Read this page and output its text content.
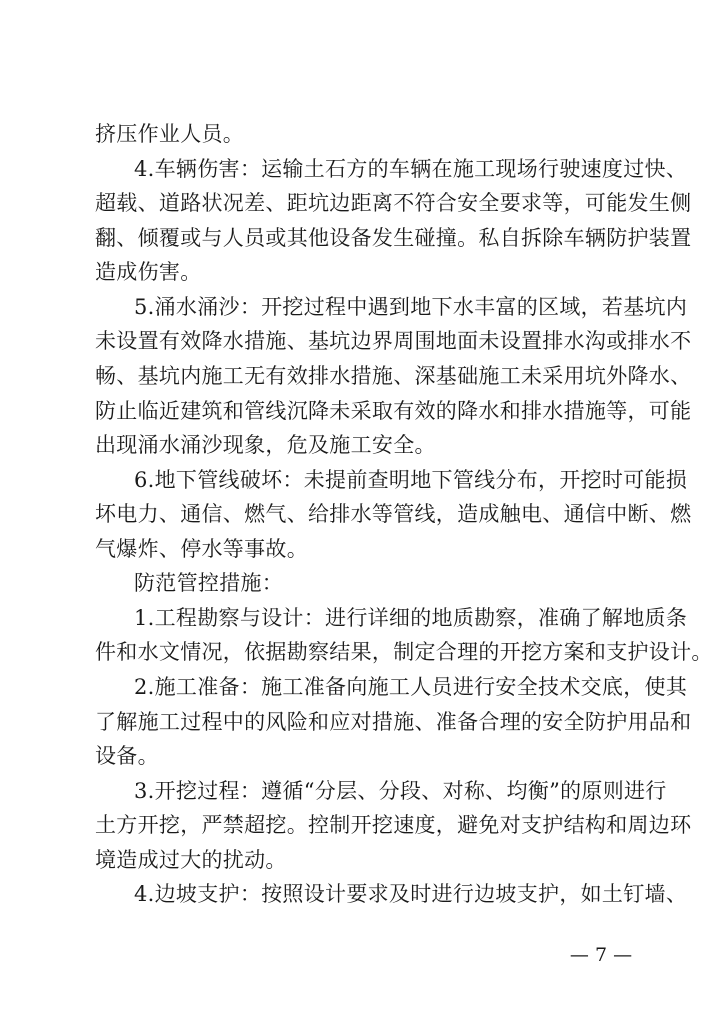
挤压作业人员。
4.车辆伤害：运输土石方的车辆在施工现场行驶速度过快、
超载、道路状况差、距坑边距离不符合安全要求等，可能发生侧
翻、倾覆或与人员或其他设备发生碰撞。私自拆除车辆防护装置
造成伤害。
5.涌水涌沙：开挖过程中遇到地下水丰富的区域，若基坑内
未设置有效降水措施、基坑边界周围地面未设置排水沟或排水不
畅、基坑内施工无有效排水措施、深基础施工未采用坑外降水、
防止临近建筑和管线沉降未采取有效的降水和排水措施等，可能
出现涌水涌沙现象，危及施工安全。
6.地下管线破坏：未提前查明地下管线分布，开挖时可能损
坏电力、通信、燃气、给排水等管线，造成触电、通信中断、燃
气爆炸、停水等事故。
防范管控措施：
1.工程勘察与设计：进行详细的地质勘察，准确了解地质条
件和水文情况，依据勘察结果，制定合理的开挖方案和支护设计。
2.施工准备：施工准备向施工人员进行安全技术交底，使其
了解施工过程中的风险和应对措施、准备合理的安全防护用品和
设备。
3.开挖过程：遵循“分层、分段、对称、均衡”的原则进行
土方开挖，严禁超挖。控制开挖速度，避免对支护结构和周边环
境造成过大的扰动。
4.边坡支护：按照设计要求及时进行边坡支护，如土钉墙、
— 7 —
